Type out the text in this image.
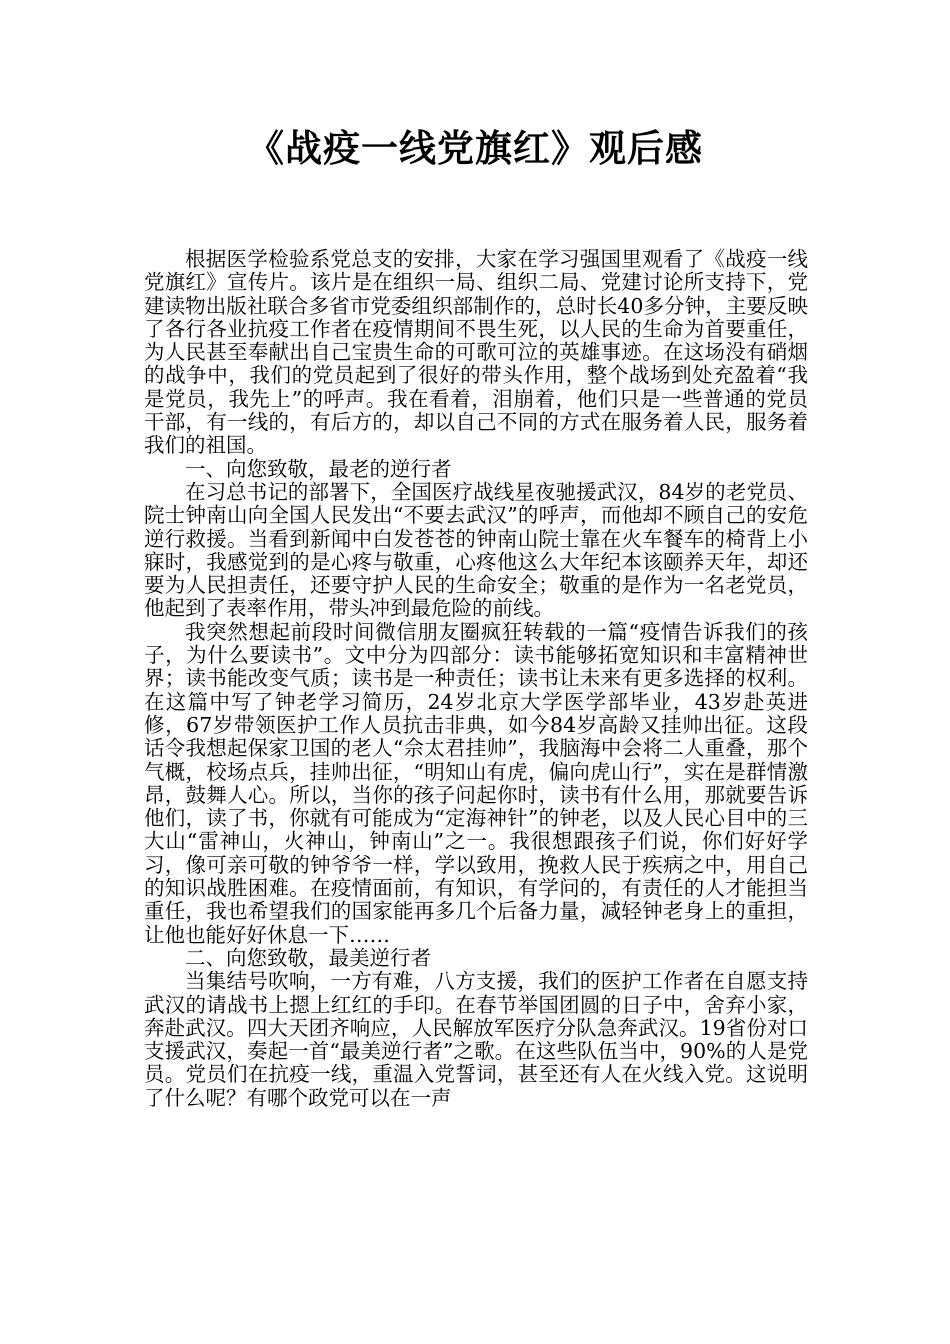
《战疫一线党旗红》观后感

根据医学检验系党总支的安排，大家在学习强国里观看了《战疫一线党旗红》宣传片。该片是在组织一局、组织二局、党建讨论所支持下，党建读物出版社联合多省市党委组织部制作的，总时长40多分钟，主要反映了各行各业抗疫工作者在疫情期间不畏生死，以人民的生命为首要重任，为人民甚至奉献出自己宝贵生命的可歌可泣的英雄事迹。在这场没有硝烟的战争中，我们的党员起到了很好的带头作用，整个战场到处充盈着“我是党员，我先上”的呼声。我在看着，泪崩着，他们只是一些普通的党员干部，有一线的，有后方的，却以自己不同的方式在服务着人民，服务着我们的祖国。

一、向您致敬，最老的逆行者

在习总书记的部署下，全国医疗战线星夜驰援武汉，84岁的老党员、院士钟南山向全国人民发出“不要去武汉”的呼声，而他却不顾自己的安危逆行救援。当看到新闻中白发苍苍的钟南山院士靠在火车餐车的椅背上小寐时，我感觉到的是心疼与敬重，心疼他这么大年纪本该颐养天年，却还要为人民担责任，还要守护人民的生命安全；敬重的是作为一名老党员，他起到了表率作用，带头冲到最危险的前线。

我突然想起前段时间微信朋友圈疯狂转载的一篇“疫情告诉我们的孩子，为什么要读书”。文中分为四部分：读书能够拓宽知识和丰富精神世界；读书能改变气质；读书是一种责任；读书让未来有更多选择的权利。在这篇中写了钟老学习简历，24岁北京大学医学部毕业，43岁赴英进修，67岁带领医护工作人员抗击非典，如今84岁高龄又挂帅出征。这段话令我想起保家卫国的老人“佘太君挂帅”，我脑海中会将二人重叠，那个气概，校场点兵，挂帅出征，“明知山有虎，偏向虎山行”，实在是群情激昂，鼓舞人心。所以，当你的孩子问起你时，读书有什么用，那就要告诉他们，读了书，你就有可能成为“定海神针”的钟老，以及人民心目中的三大山“雷神山，火神山，钟南山”之一。我很想跟孩子们说，你们好好学习，像可亲可敬的钟爷爷一样，学以致用，挽救人民于疾病之中，用自己的知识战胜困难。在疫情面前，有知识，有学问的，有责任的人才能担当重任，我也希望我们的国家能再多几个后备力量，减轻钟老身上的重担，让他也能好好休息一下……

二、向您致敬，最美逆行者

当集结号吹响，一方有难，八方支援，我们的医护工作者在自愿支持武汉的请战书上摁上红红的手印。在春节举国团圆的日子中，舍弃小家，奔赴武汉。四大天团齐响应，人民解放军医疗分队急奔武汉。19省份对口支援武汉，奏起一首“最美逆行者”之歌。在这些队伍当中，90%的人是党员。党员们在抗疫一线，重温入党誓词，甚至还有人在火线入党。这说明了什么呢？有哪个政党可以在一声
